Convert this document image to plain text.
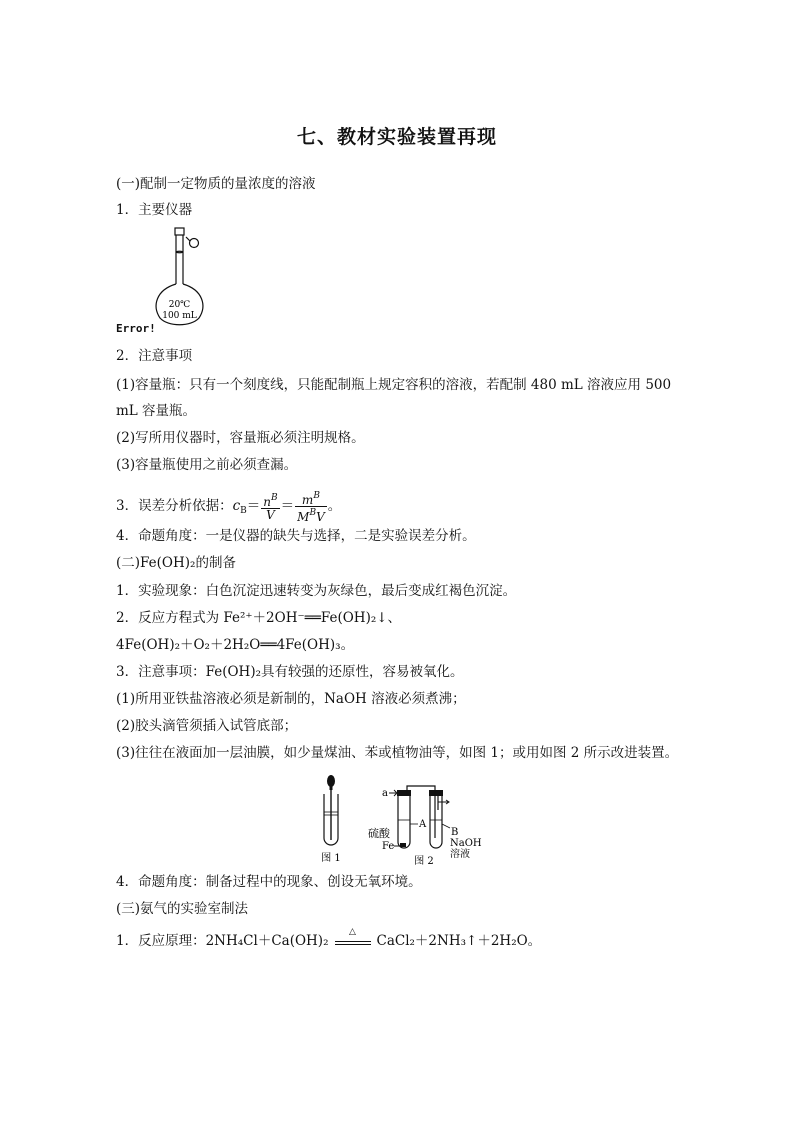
七、教材实验装置再现
(一)配制一定物质的量浓度的溶液
1．主要仪器
20℃
100 mL
Error!
2．注意事项
(1)容量瓶：只有一个刻度线，只能配制瓶上规定容积的溶液，若配制 480 mL 溶液应用 500
mL 容量瓶。
(2)写所用仪器时，容量瓶必须注明规格。
(3)容量瓶使用之前必须查漏。
3．误差分析依据：$c_B= \frac{n^B}{V} = \frac{m^B}{M^BV}$ 。
4．命题角度：一是仪器的缺失与选择，二是实验误差分析。
(二)Fe(OH)₂的制备
1．实验现象：白色沉淀迅速转变为灰绿色，最后变成红褐色沉淀。
2．反应方程式为 Fe²⁺＋2OH⁻══Fe(OH)₂↓、
4Fe(OH)₂＋O₂＋2H₂O══4Fe(OH)₃。
3．注意事项：Fe(OH)₂具有较强的还原性，容易被氧化。
(1)所用亚铁盐溶液必须是新制的，NaOH 溶液必须煮沸；
(2)胶头滴管须插入试管底部；
(3)往往在液面加一层油膜，如少量煤油、苯或植物油等，如图 1；或用如图 2 所示改进装置。
图 1
a
A
B
NaOH
溶液
硫酸
Fe
图 2
4．命题角度：制备过程中的现象、创设无氧环境。
(三)氨气的实验室制法
1．反应原理：2NH₄Cl＋Ca(OH)₂
△
CaCl₂＋2NH₃↑＋2H₂O。
